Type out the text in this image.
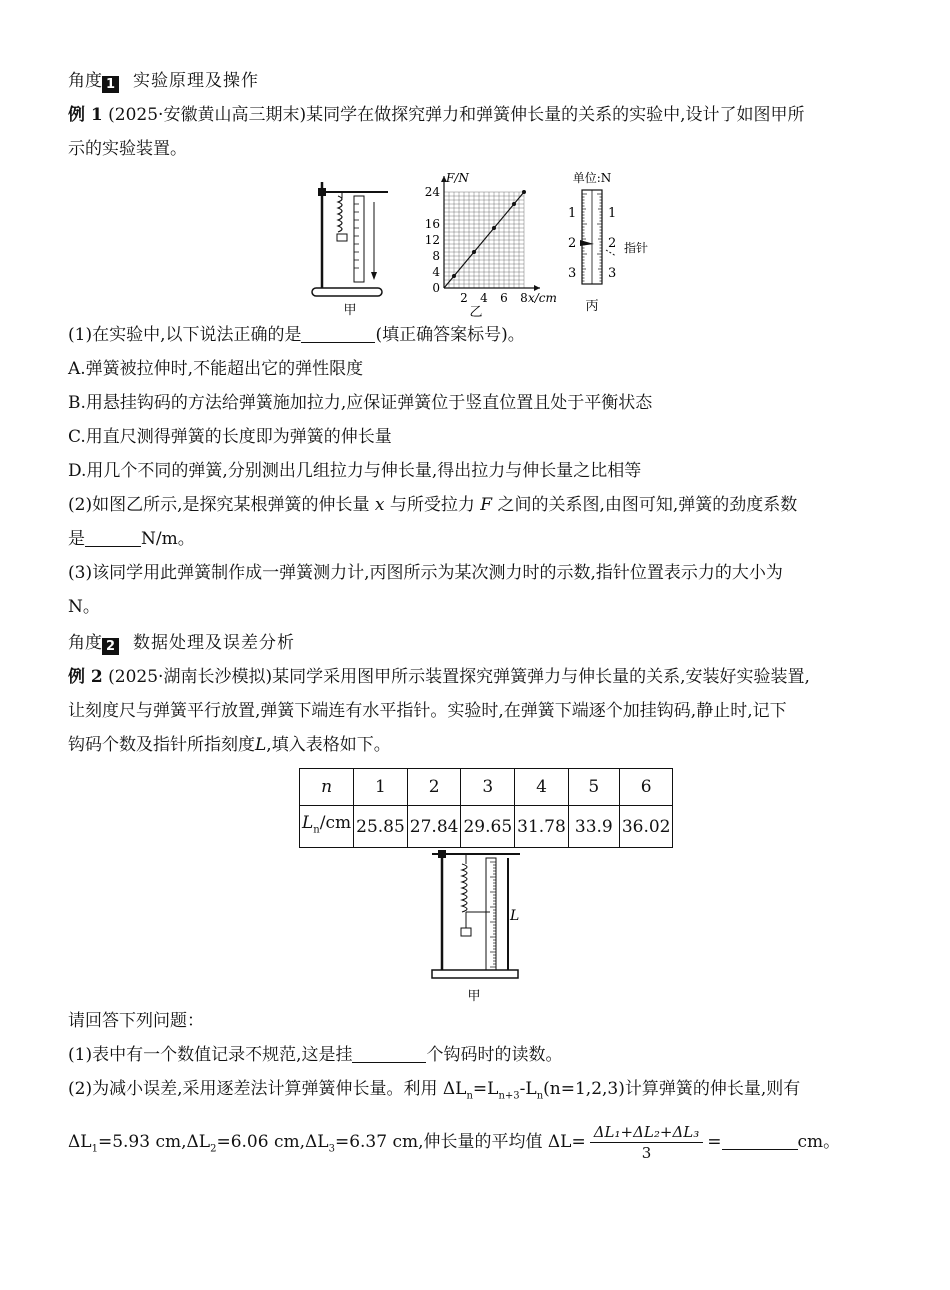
角度 1 实验原理及操作

例 1 (2025·安徽黄山高三期末)某同学在做探究弹力和弹簧伸长量的关系的实验中,设计了如图甲所
示的实验装置。

甲
2 4 6 8
0
4
8
12
16
24
x/cm
F/N
乙
单位:N
1
2
3
1
2
3
指针
丙

(1)在实验中,以下说法正确的是	(填正确答案标号)。

A.弹簧被拉伸时,不能超出它的弹性限度

B.用悬挂钩码的方法给弹簧施加拉力,应保证弹簧位于竖直位置且处于平衡状态

C.用直尺测得弹簧的长度即为弹簧的伸长量

D.用几个不同的弹簧,分别测出几组拉力与伸长量,得出拉力与伸长量之比相等

(2)如图乙所示,是探究某根弹簧的伸长量 x 与所受拉力 F 之间的关系图,由图可知,弹簧的劲度系数
是	N/m。

(3)该同学用此弹簧制作成一弹簧测力计,丙图所示为某次测力时的示数,指针位置表示力的大小为
N。

角度 2 数据处理及误差分析

例 2 (2025·湖南长沙模拟)某同学采用图甲所示装置探究弹簧弹力与伸长量的关系,安装好实验装置,
让刻度尺与弹簧平行放置,弹簧下端连有水平指针。实验时,在弹簧下端逐个加挂钩码,静止时,记下
钩码个数及指针所指刻度L,填入表格如下。

n	1	2	3	4	5	6
$L_n/cm$	25.85	27.84	29.65	31.78	33.9	36.02
L
甲

请回答下列问题：

(1)表中有一个数值记录不规范,这是挂	个钩码时的读数。

(2)为减小误差,采用逐差法计算弹簧伸长量。利用 $\Delta L_n=L_{n+3}-L_n(n=1,2,3)$计算弹簧的伸长量,则有

$\Delta L_1=5.93$ $cm,\Delta L_2=6.06$ $cm,\Delta L_3=6.37$ cm,伸长量的平均值 $\Delta L= \frac{\text{ΔL₁+ΔL₂+ΔL₃}}{3}$ =	cm。
